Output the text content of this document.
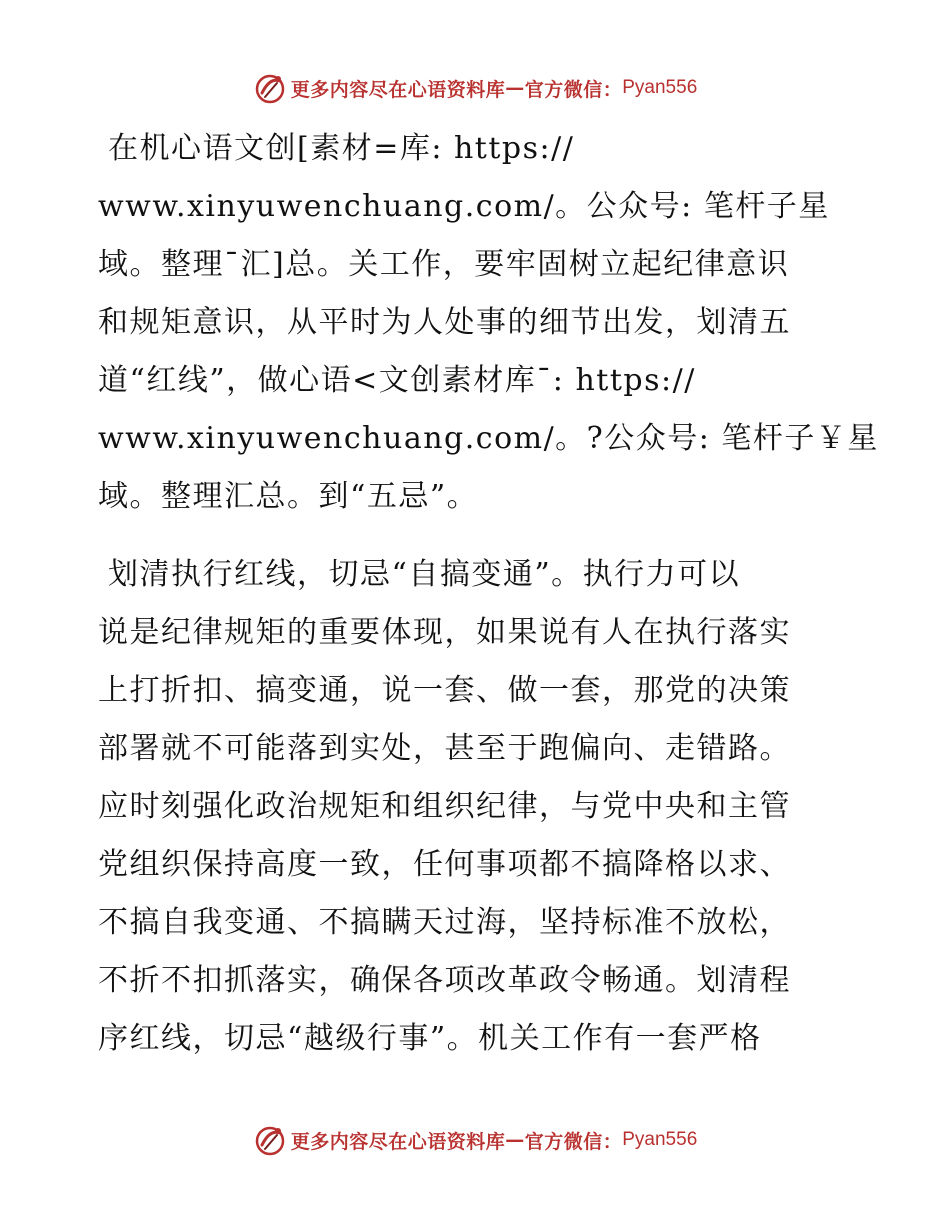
更多内容尽在心语资料库 — 官方微信： Pyan556
在机心语文创[素材=库: https://
www.xinyuwenchuang.com/。公众号: 笔杆子星
域。整理¯汇]总。关工作，要牢固树立起纪律意识
和规矩意识，从平时为人处事的细节出发，划清五
道“红线”，做心语<文创素材库¯: https://
www.xinyuwenchuang.com/。?公众号: 笔杆子￥星
域。整理汇总。到“五忌”。
划清执行红线，切忌“自搞变通”。执行力可以
说是纪律规矩的重要体现，如果说有人在执行落实
上打折扣、搞变通，说一套、做一套，那党的决策
部署就不可能落到实处，甚至于跑偏向、走错路。
应时刻强化政治规矩和组织纪律，与党中央和主管
党组织保持高度一致，任何事项都不搞降格以求、
不搞自我变通、不搞瞒天过海，坚持标准不放松，
不折不扣抓落实，确保各项改革政令畅通。划清程
序红线，切忌“越级行事”。机关工作有一套严格
更多内容尽在心语资料库 — 官方微信： Pyan556
